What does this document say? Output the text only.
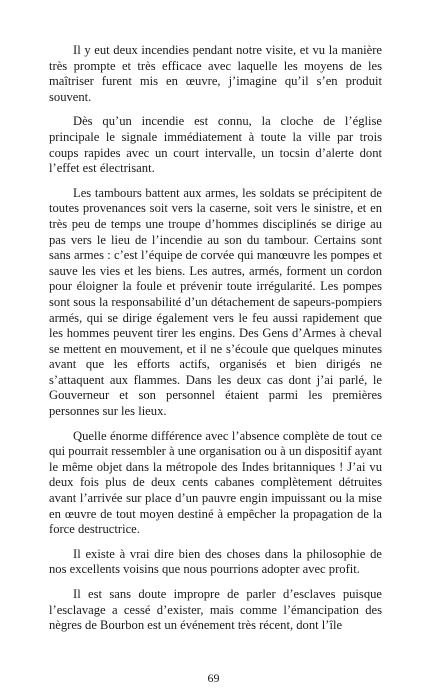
Il y eut deux incendies pendant notre visite, et vu la manière très prompte et très efficace avec laquelle les moyens de les maîtriser furent mis en œuvre, j’imagine qu’il s’en produit souvent.

Dès qu’un incendie est connu, la cloche de l’église principale le signale immédiatement à toute la ville par trois coups rapides avec un court intervalle, un tocsin d’alerte dont l’effet est électrisant.

Les tambours battent aux armes, les soldats se précipitent de toutes provenances soit vers la caserne, soit vers le sinistre, et en très peu de temps une troupe d’hommes disciplinés se dirige au pas vers le lieu de l’incendie au son du tambour. Certains sont sans armes : c’est l’équipe de corvée qui manœuvre les pompes et sauve les vies et les biens. Les autres, armés, forment un cordon pour éloigner la foule et prévenir toute irrégularité. Les pompes sont sous la responsabilité d’un détachement de sapeurs-pompiers armés, qui se dirige également vers le feu aussi rapidement que les hommes peuvent tirer les engins. Des Gens d’Armes à cheval se mettent en mouvement, et il ne s’écoule que quelques minutes avant que les efforts actifs, organisés et bien dirigés ne s’attaquent aux flammes. Dans les deux cas dont j’ai parlé, le Gouverneur et son personnel étaient parmi les premières personnes sur les lieux.

Quelle énorme différence avec l’absence complète de tout ce qui pourrait ressembler à une organisation ou à un dispositif ayant le même objet dans la métropole des Indes britanniques ! J’ai vu deux fois plus de deux cents cabanes complètement détruites avant l’arrivée sur place d’un pauvre engin impuissant ou la mise en œuvre de tout moyen destiné à empêcher la propagation de la force destructrice.

Il existe à vrai dire bien des choses dans la philosophie de nos excellents voisins que nous pourrions adopter avec profit.

Il est sans doute impropre de parler d’esclaves puisque l’esclavage a cessé d’exister, mais comme l’émancipation des nègres de Bourbon est un événement très récent, dont l’île

69
